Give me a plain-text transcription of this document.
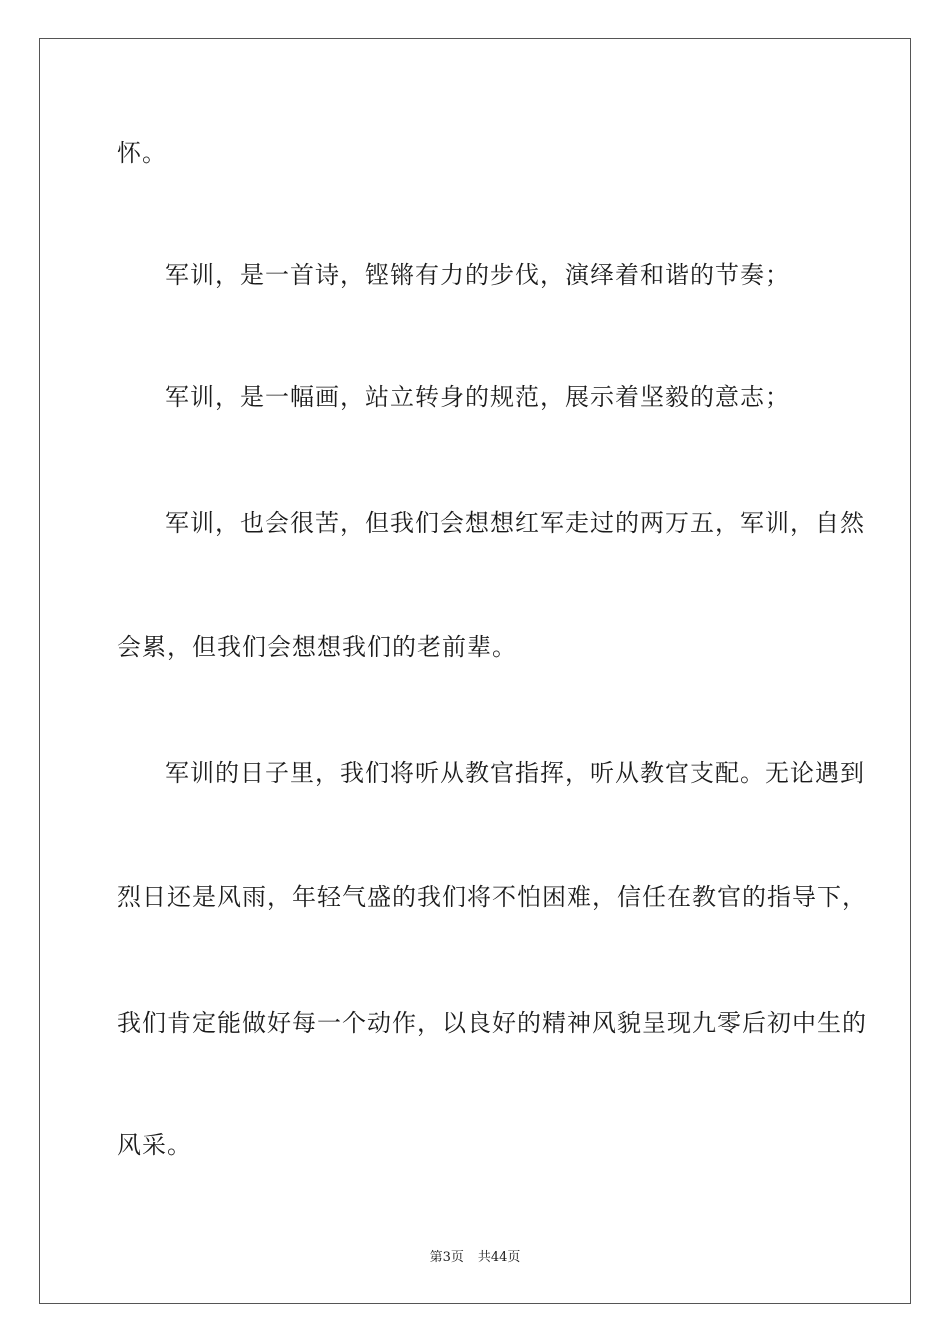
怀。
军训，是一首诗，铿锵有力的步伐，演绎着和谐的节奏；
军训，是一幅画，站立转身的规范，展示着坚毅的意志；
军训，也会很苦，但我们会想想红军走过的两万五，军训，自然
会累，但我们会想想我们的老前辈。
军训的日子里，我们将听从教官指挥，听从教官支配。无论遇到
烈日还是风雨，年轻气盛的我们将不怕困难，信任在教官的指导下，
我们肯定能做好每一个动作，以良好的精神风貌呈现九零后初中生的
风采。
第3页 共44页
